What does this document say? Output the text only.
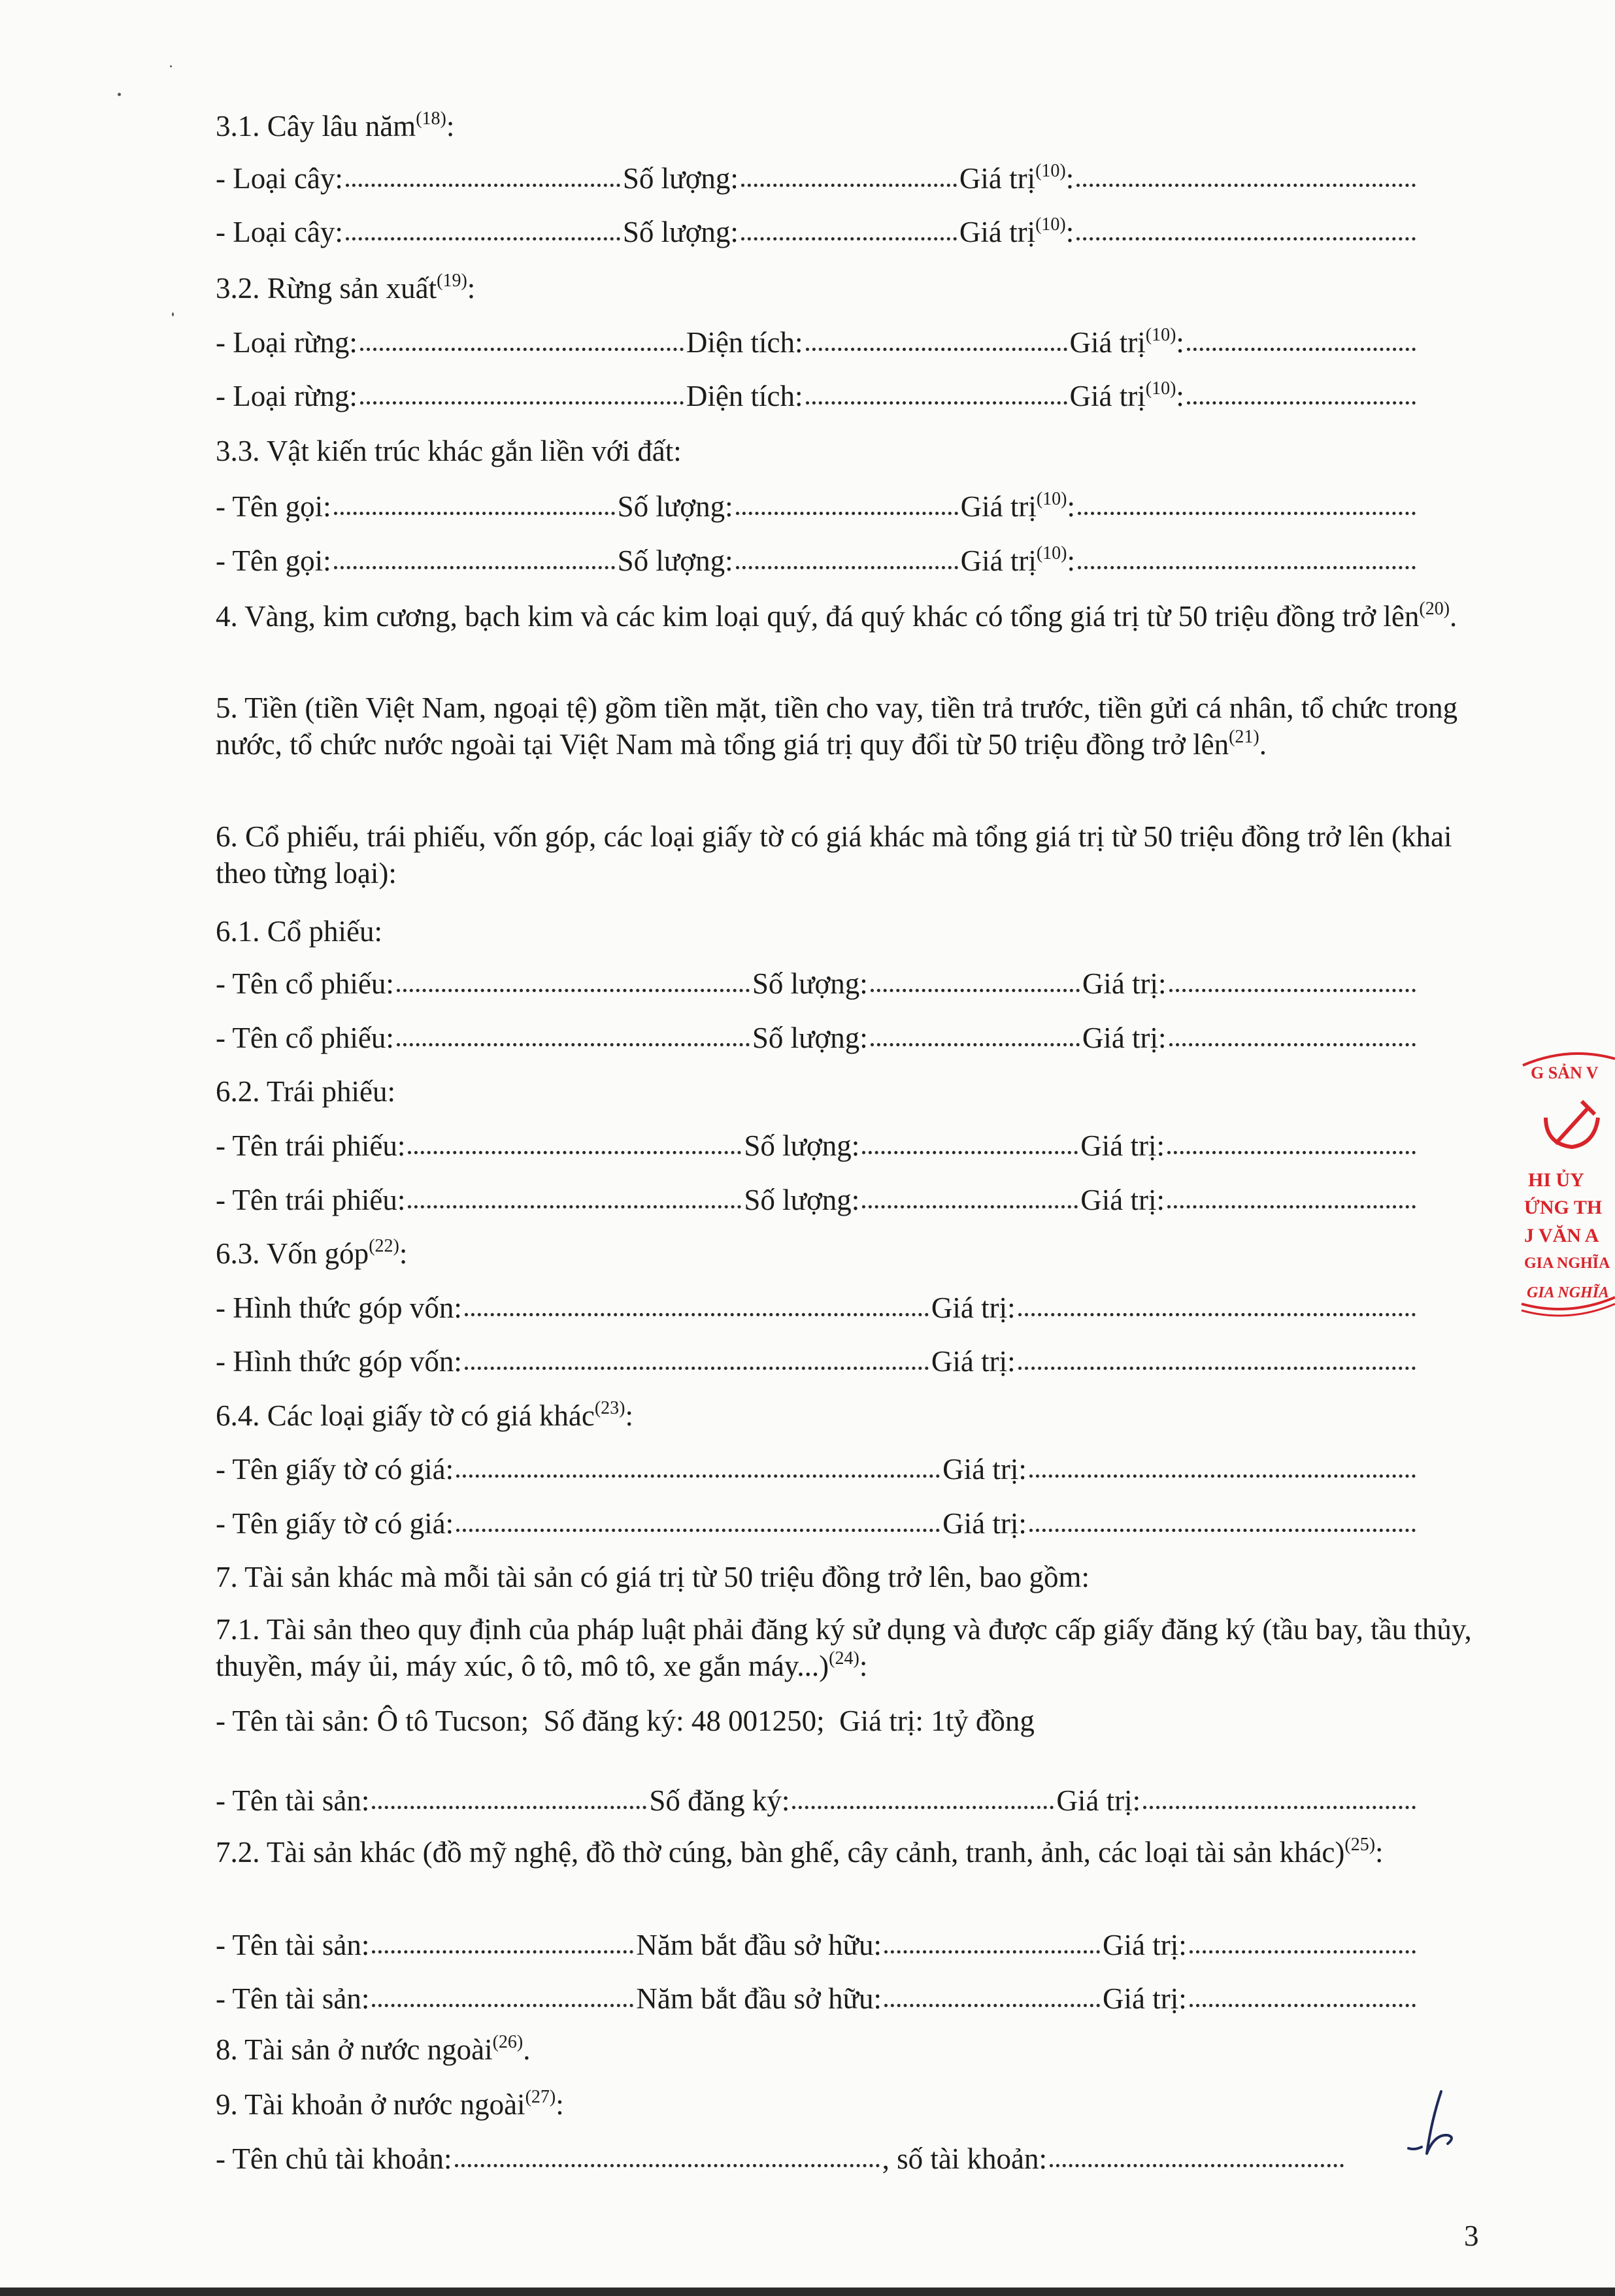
3.1. Cây lâu năm$^{(18)}$:
- Loại cây:	Số lượng:	Giá trị$^{(10)}$:
- Loại cây:	Số lượng:	Giá trị$^{(10)}$:
3.2. Rừng sản xuất$^{(19)}$:
- Loại rừng:	Diện tích:	Giá trị$^{(10)}$:
- Loại rừng:	Diện tích:	Giá trị$^{(10)}$:
3.3. Vật kiến trúc khác gắn liền với đất:
- Tên gọi:	Số lượng:	Giá trị$^{(10)}$:
- Tên gọi:	Số lượng:	Giá trị$^{(10)}$:
4. Vàng, kim cương, bạch kim và các kim loại quý, đá quý khác có tổng giá trị từ 50 triệu đồng trở lên$^{(20)}$.
5. Tiền (tiền Việt Nam, ngoại tệ) gồm tiền mặt, tiền cho vay, tiền trả trước, tiền gửi cá nhân, tổ chức trong nước, tổ chức nước ngoài tại Việt Nam mà tổng giá trị quy đổi từ 50 triệu đồng trở lên$^{(21)}$.
6. Cổ phiếu, trái phiếu, vốn góp, các loại giấy tờ có giá khác mà tổng giá trị từ 50 triệu đồng trở lên (khai theo từng loại):
6.1. Cổ phiếu:
- Tên cổ phiếu:	Số lượng:	Giá trị:
- Tên cổ phiếu:	Số lượng:	Giá trị:
6.2. Trái phiếu:
- Tên trái phiếu:	Số lượng:	Giá trị:
- Tên trái phiếu:	Số lượng:	Giá trị:
6.3. Vốn góp$^{(22)}$:
- Hình thức góp vốn:	Giá trị:
- Hình thức góp vốn:	Giá trị:
6.4. Các loại giấy tờ có giá khác$^{(23)}$:
- Tên giấy tờ có giá:	Giá trị:
- Tên giấy tờ có giá:	Giá trị:
7. Tài sản khác mà mỗi tài sản có giá trị từ 50 triệu đồng trở lên, bao gồm:
7.1. Tài sản theo quy định của pháp luật phải đăng ký sử dụng và được cấp giấy đăng ký (tầu bay, tầu thủy, thuyền, máy ủi, máy xúc, ô tô, mô tô, xe gắn máy...)$^{(24)}$:
- Tên tài sản: Ô tô Tucson;  Số đăng ký: 48 001250;  Giá trị: 1tỷ đồng
- Tên tài sản:	Số đăng ký:	Giá trị:
7.2. Tài sản khác (đồ mỹ nghệ, đồ thờ cúng, bàn ghế, cây cảnh, tranh, ảnh, các loại tài sản khác)$^{(25)}$:
- Tên tài sản:	Năm bắt đầu sở hữu:	Giá trị:
- Tên tài sản:	Năm bắt đầu sở hữu:	Giá trị:
8. Tài sản ở nước ngoài$^{(26)}$.
9. Tài khoản ở nước ngoài$^{(27)}$:
- Tên chủ tài khoản:	, số tài khoản:
G SẢN V
HI ỦY
ỨNG TH
J VĂN A
GIA NGHĨA
GIA NGHĨA
3
